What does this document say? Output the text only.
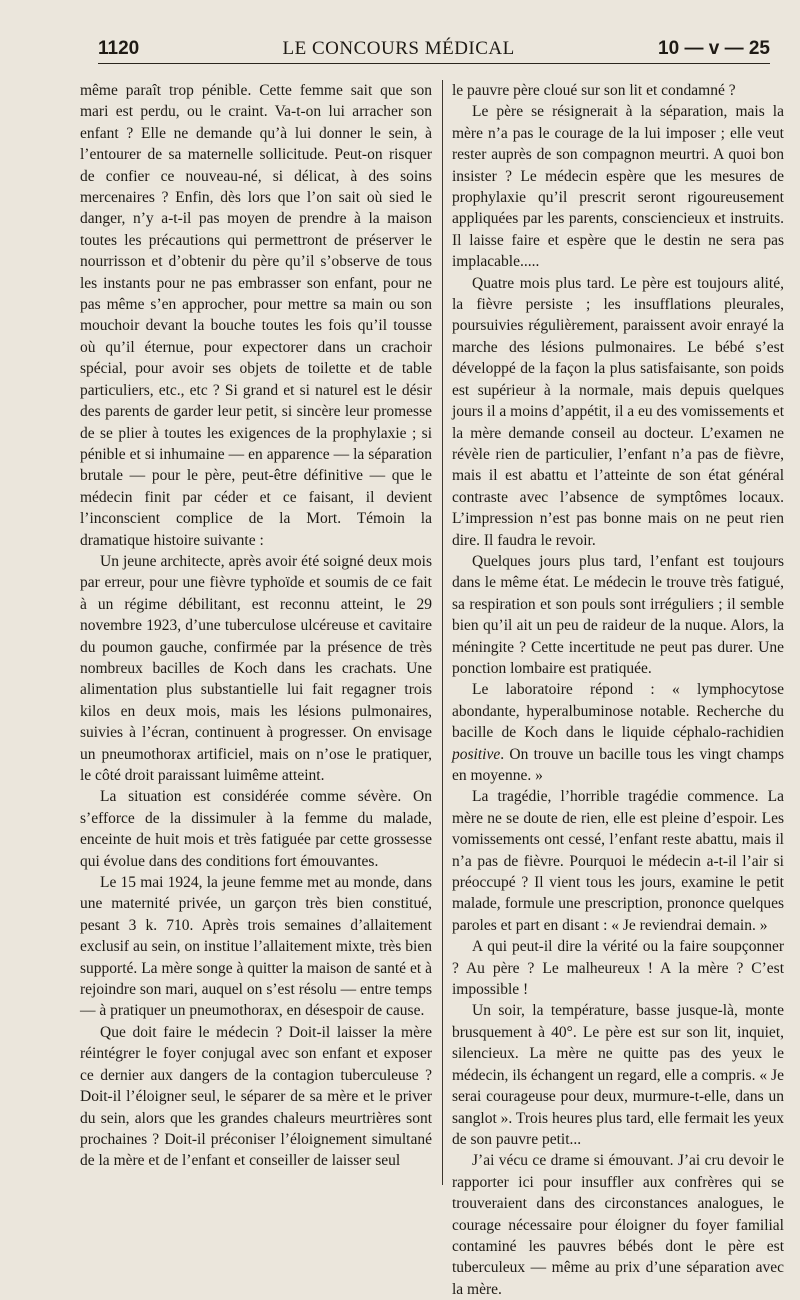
1120	LE CONCOURS MÉDICAL	10 — v — 25

même paraît trop pénible. Cette femme sait que son mari est perdu, ou le craint. Va-t-on lui arracher son enfant ? Elle ne demande qu’à lui donner le sein, à l’entourer de sa maternelle sollicitude. Peut-on risquer de confier ce nouveau-né, si délicat, à des soins mercenaires ? Enfin, dès lors que l’on sait où sied le danger, n’y a-t-il pas moyen de prendre à la maison toutes les précautions qui permettront de préserver le nourrisson et d’obtenir du père qu’il s’observe de tous les instants pour ne pas embrasser son enfant, pour ne pas même s’en approcher, pour mettre sa main ou son mouchoir devant la bouche toutes les fois qu’il tousse où qu’il éternue, pour expectorer dans un crachoir spécial, pour avoir ses objets de toilette et de table particuliers, etc., etc ? Si grand et si naturel est le désir des parents de garder leur petit, si sincère leur promesse de se plier à toutes les exigences de la prophylaxie ; si pénible et si inhumaine — en apparence — la séparation brutale — pour le père, peut-être définitive — que le médecin finit par céder et ce faisant, il devient l’inconscient complice de la Mort. Témoin la dramatique histoire suivante :

Un jeune architecte, après avoir été soigné deux mois par erreur, pour une fièvre typhoïde et soumis de ce fait à un régime débilitant, est reconnu atteint, le 29 novembre 1923, d’une tuberculose ulcéreuse et cavitaire du poumon gauche, confirmée par la présence de très nombreux bacilles de Koch dans les crachats. Une alimentation plus substantielle lui fait regagner trois kilos en deux mois, mais les lésions pulmonaires, suivies à l’écran, continuent à progresser. On envisage un pneumothorax artificiel, mais on n’ose le pratiquer, le côté droit paraissant luimême atteint.

La situation est considérée comme sévère. On s’efforce de la dissimuler à la femme du malade, enceinte de huit mois et très fatiguée par cette grossesse qui évolue dans des conditions fort émouvantes.

Le 15 mai 1924, la jeune femme met au monde, dans une maternité privée, un garçon très bien constitué, pesant 3 k. 710. Après trois semaines d’allaitement exclusif au sein, on institue l’allaitement mixte, très bien supporté. La mère songe à quitter la maison de santé et à rejoindre son mari, auquel on s’est résolu — entre temps — à pratiquer un pneumothorax, en désespoir de cause.

Que doit faire le médecin ? Doit-il laisser la mère réintégrer le foyer conjugal avec son enfant et exposer ce dernier aux dangers de la contagion tuberculeuse ? Doit-il l’éloigner seul, le séparer de sa mère et le priver du sein, alors que les grandes chaleurs meurtrières sont prochaines ? Doit-il préconiser l’éloignement simultané de la mère et de l’enfant et conseiller de laisser seul

le pauvre père cloué sur son lit et condamné ?

Le père se résignerait à la séparation, mais la mère n’a pas le courage de la lui imposer ; elle veut rester auprès de son compagnon meurtri. A quoi bon insister ? Le médecin espère que les mesures de prophylaxie qu’il prescrit seront rigoureusement appliquées par les parents, consciencieux et instruits. Il laisse faire et espère que le destin ne sera pas implacable.....

Quatre mois plus tard. Le père est toujours alité, la fièvre persiste ; les insufflations pleurales, poursuivies régulièrement, paraissent avoir enrayé la marche des lésions pulmonaires. Le bébé s’est développé de la façon la plus satisfaisante, son poids est supérieur à la normale, mais depuis quelques jours il a moins d’appétit, il a eu des vomissements et la mère demande conseil au docteur. L’examen ne révèle rien de particulier, l’enfant n’a pas de fièvre, mais il est abattu et l’atteinte de son état général contraste avec l’absence de symptômes locaux. L’impression n’est pas bonne mais on ne peut rien dire. Il faudra le revoir.

Quelques jours plus tard, l’enfant est toujours dans le même état. Le médecin le trouve très fatigué, sa respiration et son pouls sont irréguliers ; il semble bien qu’il ait un peu de raideur de la nuque. Alors, la méningite ? Cette incertitude ne peut pas durer. Une ponction lombaire est pratiquée.

Le laboratoire répond : « lymphocytose abondante, hyperalbuminose notable. Recherche du bacille de Koch dans le liquide céphalo-rachidien positive. On trouve un bacille tous les vingt champs en moyenne. »

La tragédie, l’horrible tragédie commence. La mère ne se doute de rien, elle est pleine d’espoir. Les vomissements ont cessé, l’enfant reste abattu, mais il n’a pas de fièvre. Pourquoi le médecin a-t-il l’air si préoccupé ? Il vient tous les jours, examine le petit malade, formule une prescription, prononce quelques paroles et part en disant : « Je reviendrai demain. »

A qui peut-il dire la vérité ou la faire soupçonner ? Au père ? Le malheureux ! A la mère ? C’est impossible !

Un soir, la température, basse jusque-là, monte brusquement à 40°. Le père est sur son lit, inquiet, silencieux. La mère ne quitte pas des yeux le médecin, ils échangent un regard, elle a compris. « Je serai courageuse pour deux, murmure-t-elle, dans un sanglot ». Trois heures plus tard, elle fermait les yeux de son pauvre petit...

J’ai vécu ce drame si émouvant. J’ai cru devoir le rapporter ici pour insuffler aux confrères qui se trouveraient dans des circonstances analogues, le courage nécessaire pour éloigner du foyer familial contaminé les pauvres bébés dont le père est tuberculeux — même au prix d’une séparation avec la mère.
